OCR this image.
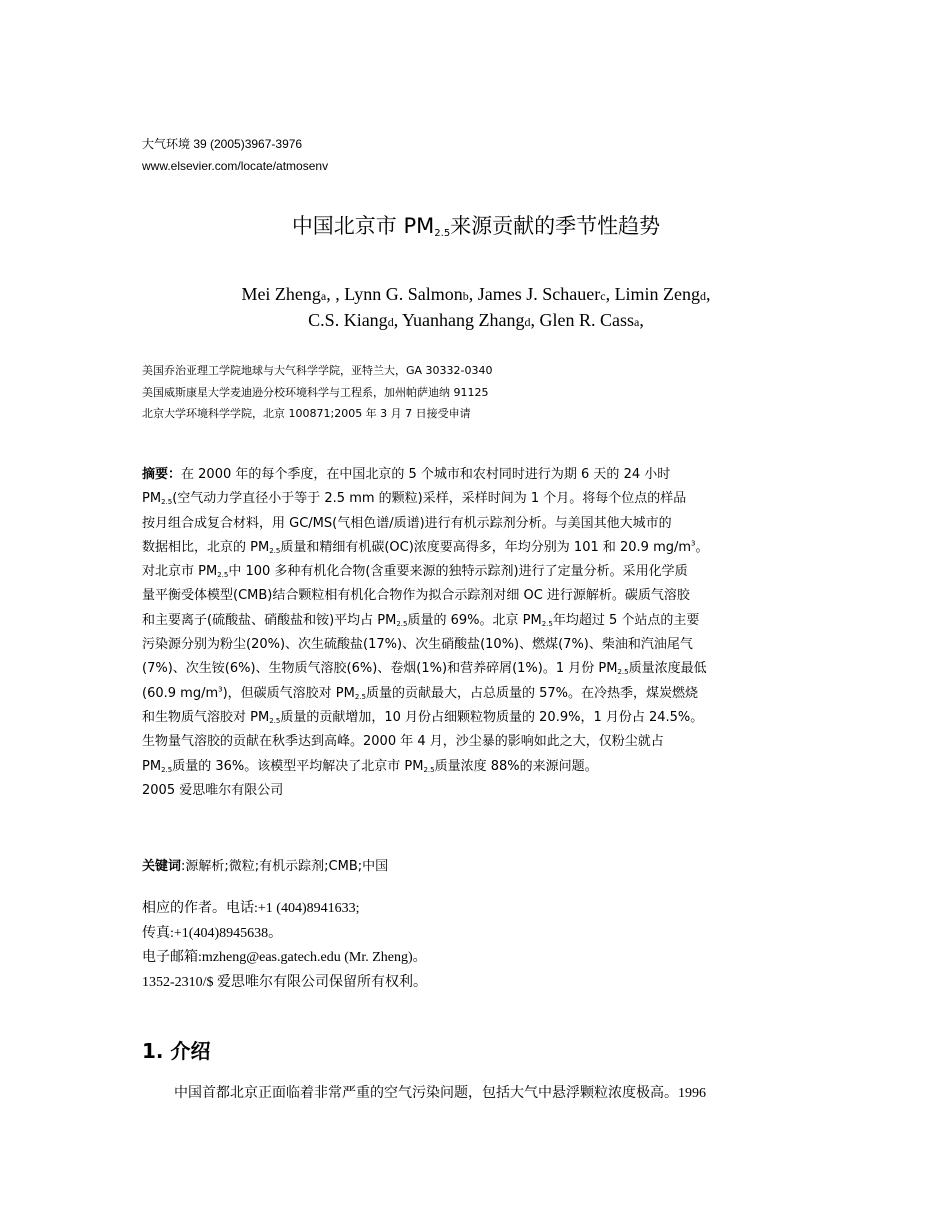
大气环境 39 (2005)3967-3976
www.elsevier.com/locate/atmosenv
中国北京市 $PM_{2.5}$来源贡献的季节性趋势
Mei Zhenga, , Lynn G. Salmonb, James J. Schauerc, Limin Zengd,
C.S. Kiangd, Yuanhang Zhangd, Glen R. Cassa,
美国乔治亚理工学院地球与大气科学学院，亚特兰大，GA 30332-0340
美国威斯康星大学麦迪逊分校环境科学与工程系，加州帕萨迪纳 91125
北京大学环境科学学院，北京 100871;2005 年 3 月 7 日接受申请
摘要：在 2000 年的每个季度，在中国北京的 5 个城市和农村同时进行为期 6 天的 24 小时
$PM_{2.5}$(空气动力学直径小于等于 2.5 mm 的颗粒)采样，采样时间为 1 个月。将每个位点的样品
按月组合成复合材料，用 GC/MS(气相色谱/质谱)进行有机示踪剂分析。与美国其他大城市的
数据相比，北京的 $PM_{2.5}$质量和精细有机碳(OC)浓度要高得多，年均分别为 101 和 20.9 $mg/m^3$。
对北京市 $PM_{2.5}$中 100 多种有机化合物(含重要来源的独特示踪剂)进行了定量分析。采用化学质
量平衡受体模型(CMB)结合颗粒相有机化合物作为拟合示踪剂对细 OC 进行源解析。碳质气溶胶
和主要离子(硫酸盐、硝酸盐和铵)平均占 $PM_{2.5}$质量的 69%。北京 $PM_{2.5}$年均超过 5 个站点的主要
污染源分别为粉尘(20%)、次生硫酸盐(17%)、次生硝酸盐(10%)、燃煤(7%)、柴油和汽油尾气
(7%)、次生铵(6%)、生物质气溶胶(6%)、卷烟(1%)和营养碎屑(1%)。1 月份 $PM_{2.5}$质量浓度最低
(60.9 $mg/m^3$)，但碳质气溶胶对 $PM_{2.5}$质量的贡献最大，占总质量的 57%。在冷热季，煤炭燃烧
和生物质气溶胶对 $PM_{2.5}$质量的贡献增加，10 月份占细颗粒物质量的 20.9%，1 月份占 24.5%。
生物量气溶胶的贡献在秋季达到高峰。2000 年 4 月，沙尘暴的影响如此之大，仅粉尘就占
$PM_{2.5}$质量的 36%。该模型平均解决了北京市 $PM_{2.5}$质量浓度 88%的来源问题。
2005 爱思唯尔有限公司
关键词:源解析;微粒;有机示踪剂;CMB;中国
相应的作者。电话:+1 (404)8941633;
传真:+1(404)8945638。
电子邮箱:mzheng@eas.gatech.edu (Mr. Zheng)。
1352-2310/$ 爱思唯尔有限公司保留所有权利。
1. 介绍
中国首都北京正面临着非常严重的空气污染问题，包括大气中悬浮颗粒浓度极高。1996
